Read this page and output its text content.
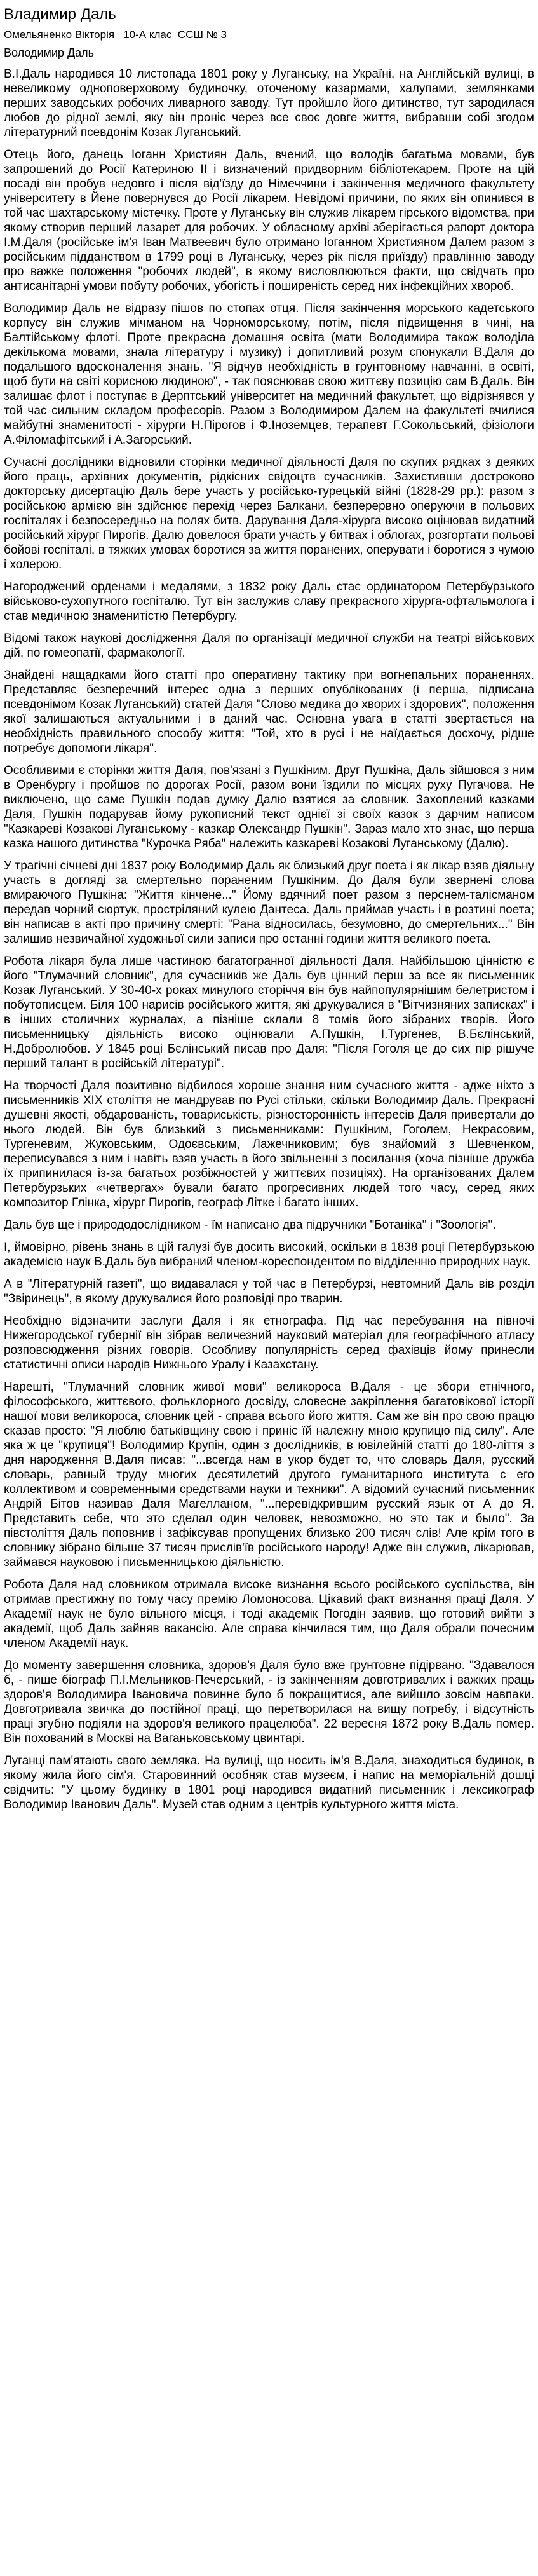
Владимир Даль
Омельяненко Вікторія   10-А клас  ССШ № 3
Володимир Даль

В.І.Даль народився 10 листопада 1801 року у Луганську, на Україні, на Англійській вулиці, в невеликому одноповерховому будиночку, оточеному казармами, халупами, землянками перших заводських робочих ливарного заводу. Тут пройшло його дитинство, тут зародилася любов до рідної землі, яку він проніс через все своє довге життя, вибравши собі згодом літературний псевдонім Козак Луганський.

Отець його, данець Іоганн Християн Даль, вчений, що володів багатьма мовами, був запрошений до Росії Катериною ІІ і визначений придворним бібліотекарем. Проте на цій посаді він пробув недовго і після від'їзду до Німеччини і закінчення медичного факультету університету в Йене повернувся до Росії лікарем. Невідомі причини, по яких він опинився в той час шахтарському містечку. Проте у Луганську він служив лікарем гірського відомства, при якому створив перший лазарет для робочих. У обласному архіві зберігається рапорт доктора І.М.Даля (російське ім'я Іван Матвеевич було отримано Іоганном Християном Далем разом з російським підданством в 1799 році в Луганську, через рік після приїзду) правлінню заводу про важке положення "робочих людей", в якому висловлюються факти, що свідчать про антисанітарні умови побуту робочих, убогість і поширеність серед них інфекційних хвороб.

Володимир Даль не відразу пішов по стопах отця. Після закінчення морського кадетського корпусу він служив мічманом на Чорноморському, потім, після підвищення в чині, на Балтійському флоті. Проте прекрасна домашня освіта (мати Володимира також володіла декількома мовами, знала літературу і музику) і допитливий розум спонукали В.Даля до подальшого вдосконалення знань. "Я відчув необхідність в грунтовному навчанні, в освіті, щоб бути на світі корисною людиною", - так пояснював свою життєву позицію сам В.Даль. Він залишає флот і поступає в Дерптський університет на медичний факультет, що відрізнявся у той час сильним складом професорів. Разом з Володимиром Далем на факультеті вчилися майбутні знаменитості - хірурги Н.Пірогов і Ф.Іноземцев, терапевт Г.Сокольський, фізіологи А.Філомафітський і А.Загорський.

Сучасні дослідники відновили сторінки медичної діяльності Даля по скупих рядках з деяких його праць, архівних документів, рідкісних свідоцтв сучасників. Захистивши достроково докторську дисертацію Даль бере участь у російсько-турецькій війні (1828-29 рр.): разом з російською армією він здійснює перехід через Балкани, безперервно оперуючи в польових госпіталях і безпосередньо на полях битв. Дарування Даля-хірурга високо оцінював видатний російський хірург Пирогів. Далю довелося брати участь у битвах і облогах, розгортати польові бойові госпіталі, в тяжких умовах боротися за життя поранених, оперувати і боротися з чумою і холерою.

Нагороджений орденами і медалями, з 1832 року Даль стає ординатором Петербурзького військово-сухопутного госпіталю. Тут він заслужив славу прекрасного хірурга-офтальмолога і став медичною знаменитістю Петербургу.

Відомі також наукові дослідження Даля по організації медичної служби на театрі військових дій, по гомеопатії, фармакології.

Знайдені нащадками його статті про оперативну тактику при вогнепальних пораненнях. Представляє безперечний інтерес одна з перших опублікованих (і перша, підписана псевдонімом Козак Луганський) статей Даля "Слово медика до хворих і здорових", положення якої залишаються актуальними і в даний час. Основна увага в статті звертається на необхідність правильного способу життя: "Той, хто в русі і не наїдається досхочу, рідше потребує допомоги лікаря".

Особливими є сторінки життя Даля, пов'язані з Пушкіним. Друг Пушкіна, Даль зійшовся з ним в Оренбургу і пройшов по дорогах Росії, разом вони їздили по місцях руху Пугачова. Не виключено, що саме Пушкін подав думку Далю взятися за словник. Захоплений казками Даля, Пушкін подарував йому рукописний текст однієї зі своїх казок з дарчим написом "Казкареві Козакові Луганському - казкар Олександр Пушкін". Зараз мало хто знає, що перша казка нашого дитинства "Курочка Ряба" належить казкареві Козакові Луганському (Далю).

У трагічні січневі дні 1837 року Володимир Даль як близький друг поета і як лікар взяв діяльну участь в догляді за смертельно пораненим Пушкіним. До Даля були звернені слова вмираючого Пушкіна: "Життя кінчене..." Йому вдячний поет разом з перснем-талісманом передав чорний сюртук, простріляний кулею Дантеса. Даль приймав участь і в розтині поета; він написав в акті про причину смерті: "Рана відносилась, безумовно, до смертельних..." Він залишив незвичайної художньої сили записи про останні години життя великого поета.

Робота лікаря була лише частиною багатогранної діяльності Даля. Найбільшою цінністю є його "Тлумачний словник", для сучасників же Даль був цінний перш за все як письменник Козак Луганський. У 30-40-х роках минулого сторіччя він був найпопулярнішим белетристом і побутописцем. Біля 100 нарисів російського життя, які друкувалися в "Вітчизняних записках" і в інших столичних журналах, а пізніше склали 8 томів його зібраних творів. Його письменницьку діяльність високо оцінювали А.Пушкін, І.Тургенев, В.Бєлінський, Н.Добролюбов. У 1845 році Бєлінський писав про Даля: "Після Гоголя це до сих пір рішуче перший талант в російській літературі".

На творчості Даля позитивно відбилося хороше знання ним сучасного життя - адже ніхто з письменників XIX століття не мандрував по Русі стільки, скільки Володимир Даль. Прекрасні душевні якості, обдарованість, товариськість, різносторонність інтересів Даля привертали до нього людей. Він був близький з письменниками: Пушкіним, Гоголем, Некрасовим, Тургеневим, Жуковським, Одоєвським, Лажечниковим; був знайомий з Шевченком, переписувався з ним і навіть взяв участь в його звільненні з посилання (хоча пізніше дружба їх припинилася із-за багатьох розбіжностей у життєвих позиціях). На організованих Далем Петербурзьких «четвергах» бували багато прогресивних людей того часу, серед яких композитор Глінка, хірург Пирогів, географ Літке і багато інших.

Даль був ще і природодослідником - їм написано два підручники "Ботаніка" і "Зоологія".

І, ймовірно, рівень знань в цій галузі був досить високий, оскільки в 1838 році Петербурзькою академією наук В.Даль був вибраний членом-кореспондентом по відділенню природних наук.

А в "Літературній газеті", що видавалася у той час в Петербурзі, невтомний Даль вів розділ "Звіринець", в якому друкувалися його розповіді про тварин.

Необхідно відзначити заслуги Даля і як етнографа. Під час перебування на півночі Нижегородської губернії він зібрав величезний науковий матеріал для географічного атласу розповсюдження різних говорів. Особливу популярність серед фахівців йому принесли статистичні описи народів Нижнього Уралу і Казахстану.

Нарешті, "Тлумачний словник живої мови" великороса В.Даля - це збори етнічного, філософського, життєвого, фольклорного досвіду, словесне закріплення багатовікової історії нашої мови великороса, словник цей - справа всього його життя. Сам же він про свою працю сказав просто: "Я люблю батьківщину свою і приніс їй належну мною крупицю під силу". Але яка ж це "крупиця"! Володимир Крупін, один з дослідників, в ювілейній статті до 180-ліття з дня народження В.Даля писав: "...всегда нам в укор будет то, что словарь Даля, русский словарь, равный труду многих десятилетий другого гуманитарного института с его коллективом и современными средствами науки и техники". А відомий сучасний письменник Андрій Бітов називав Даля Магелланом, "...перевідкрившим русский язык от А до Я. Представить себе, что это сделал один человек, невозможно, но это так и было". За півстоліття Даль поповнив і зафіксував пропущених близько 200 тисяч слів! Але крім того в словнику зібрано більше 37 тисяч прислів'їв російського народу! Адже він служив, лікарював, займався науковою і письменницькою діяльністю.

Робота Даля над словником отримала високе визнання всього російського суспільства, він отримав престижну по тому часу премію Ломоносова. Цікавий факт визнання праці Даля. У Академії наук не було вільного місця, і тоді академік Погодін заявив, що готовий вийти з академії, щоб Даль зайняв вакансію. Але справа кінчилася тим, що Даля обрали почесним членом Академії наук.

До моменту завершення словника, здоров'я Даля було вже грунтовне підірвано. "Здавалося б, - пише біограф П.І.Мельников-Печерський, - із закінченням довготривалих і важких праць здоров'я Володимира Івановича повинне було б покращитися, але вийшло зовсім навпаки. Довготривала звичка до постійної праці, що перетворилася на вищу потребу, і відсутність праці згубно подіяли на здоров'я великого працелюба". 22 вересня 1872 року В.Даль помер. Він похований в Москві на Ваганьковському цвинтарі.

Луганці пам'ятають свого земляка. На вулиці, що носить ім'я В.Даля, знаходиться будинок, в якому жила його сім'я. Старовинний особняк став музеєм, і напис на меморіальній дошці свідчить: "У цьому будинку в 1801 році народився видатний письменник і лексикограф Володимир Іванович Даль". Музей став одним з центрів культурного життя міста.
